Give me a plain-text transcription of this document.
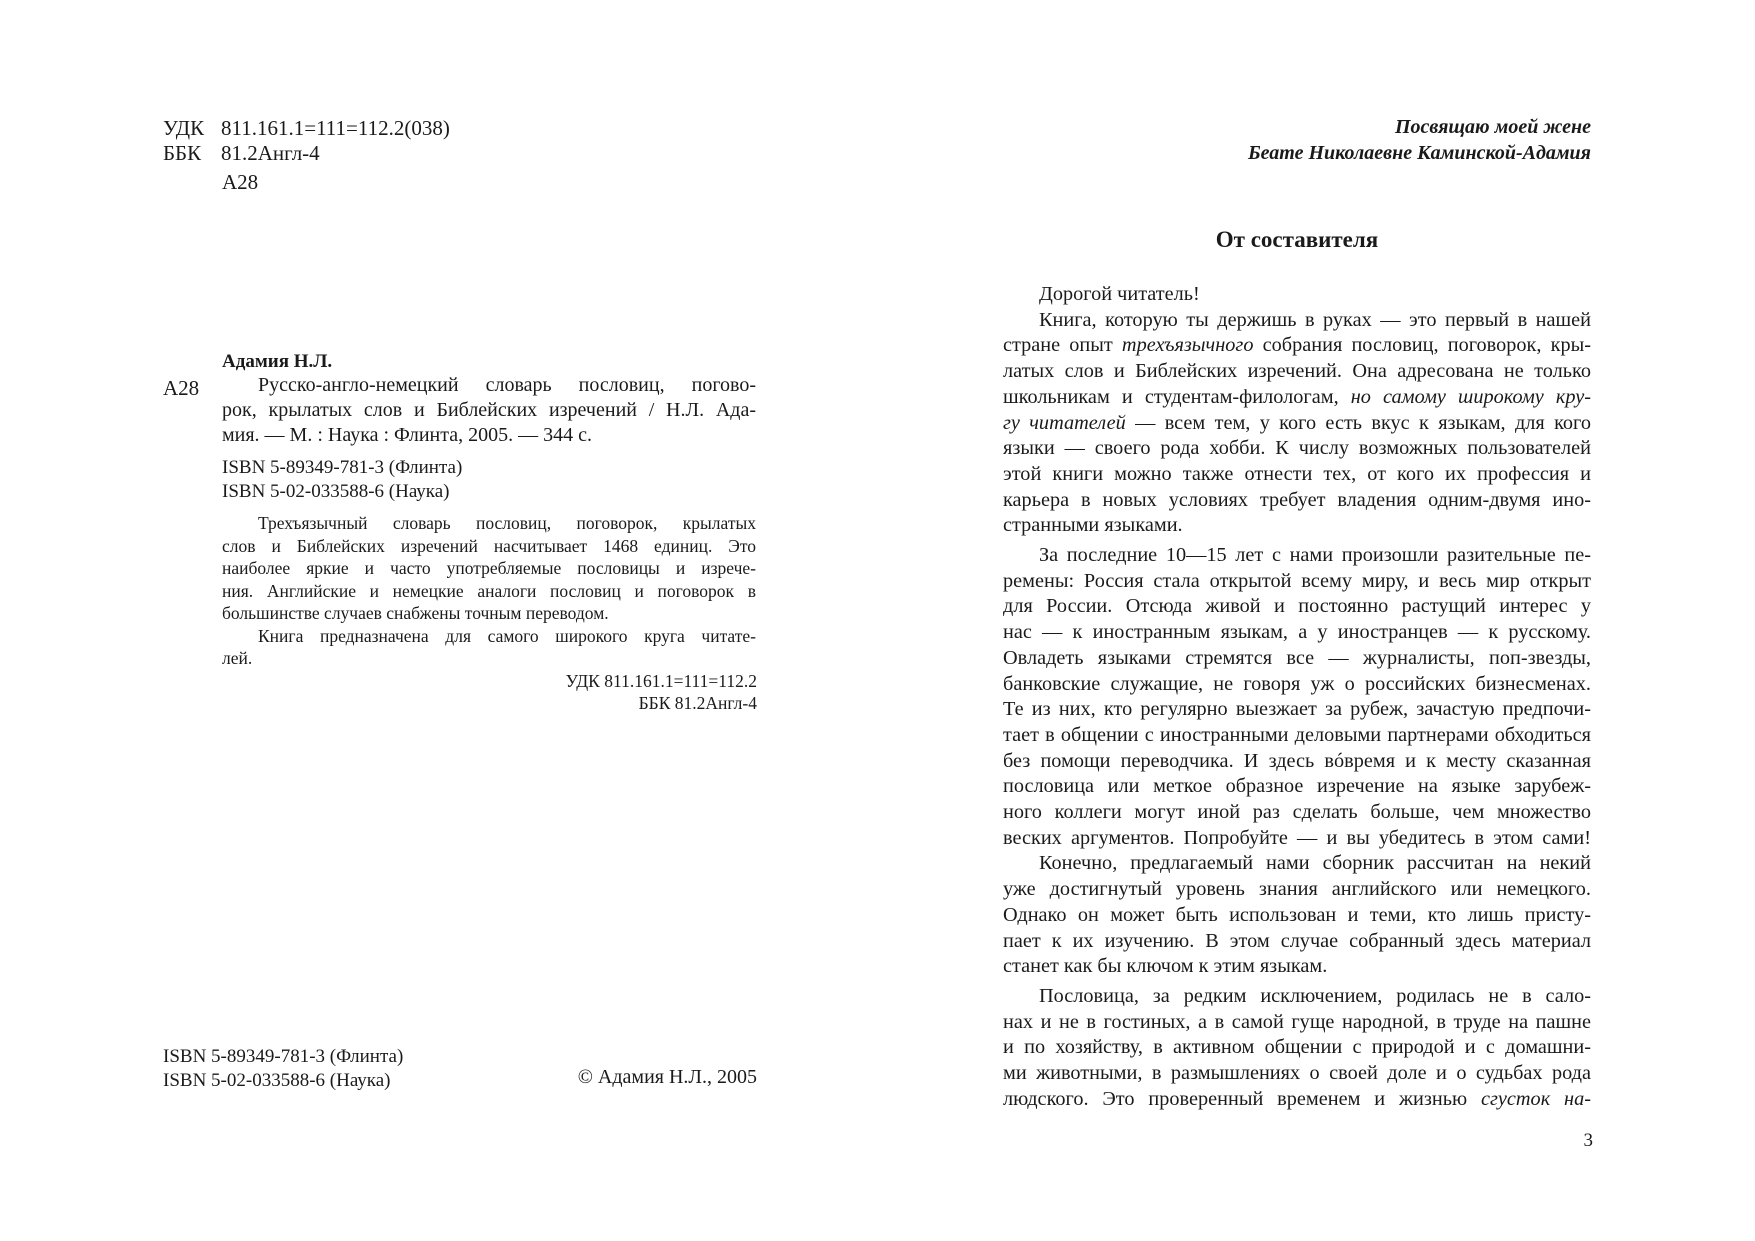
УДК 811.161.1=111=112.2(038)
ББК 81.2Англ-4
А28
Адамия Н.Л.
А28	Русско-англо-немецкий словарь пословиц, погово-
рок, крылатых слов и Библейских изречений / Н.Л. Ада-
мия. — М. : Наука : Флинта, 2005. — 344 с.
ISBN 5-89349-781-3 (Флинта)
ISBN 5-02-033588-6 (Наука)
Трехъязычный словарь пословиц, поговорок, крылатых
слов и Библейских изречений насчитывает 1468 единиц. Это
наиболее яркие и часто употребляемые пословицы и изрече-
ния. Английские и немецкие аналоги пословиц и поговорок в
большинстве случаев снабжены точным переводом.
Книга предназначена для самого широкого круга читате-
лей.
УДК 811.161.1=111=112.2
ББК 81.2Англ-4
ISBN 5-89349-781-3 (Флинта)
ISBN 5-02-033588-6 (Наука)	© Адамия Н.Л., 2005
Посвящаю моей жене
Беате Николаевне Каминской-Адамия
От составителя
Дорогой читатель!
Книга, которую ты держишь в руках — это первый в нашей
стране опыт трехъязычного собрания пословиц, поговорок, кры-
латых слов и Библейских изречений. Она адресована не только
школьникам и студентам-филологам, но самому широкому кру-
гу читателей — всем тем, у кого есть вкус к языкам, для кого
языки — своего рода хобби. К числу возможных пользователей
этой книги можно также отнести тех, от кого их профессия и
карьера в новых условиях требует владения одним-двумя ино-
странными языками.
За последние 10—15 лет с нами произошли разительные пе-
ремены: Россия стала открытой всему миру, и весь мир открыт
для России. Отсюда живой и постоянно растущий интерес у
нас — к иностранным языкам, а у иностранцев — к русскому.
Овладеть языками стремятся все — журналисты, поп-звезды,
банковские служащие, не говоря уж о российских бизнесменах.
Те из них, кто регулярно выезжает за рубеж, зачастую предпочи-
тает в общении с иностранными деловыми партнерами обходиться
без помощи переводчика. И здесь вóвремя и к месту сказанная
пословица или меткое образное изречение на языке зарубеж-
ного коллеги могут иной раз сделать больше, чем множество
веских аргументов. Попробуйте — и вы убедитесь в этом сами!
Конечно, предлагаемый нами сборник рассчитан на некий
уже достигнутый уровень знания английского или немецкого.
Однако он может быть использован и теми, кто лишь присту-
пает к их изучению. В этом случае собранный здесь материал
станет как бы ключом к этим языкам.
Пословица, за редким исключением, родилась не в сало-
нах и не в гостиных, а в самой гуще народной, в труде на пашне
и по хозяйству, в активном общении с природой и с домашни-
ми животными, в размышлениях о своей доле и о судьбах рода
людского. Это проверенный временем и жизнью сгусток на-
3
